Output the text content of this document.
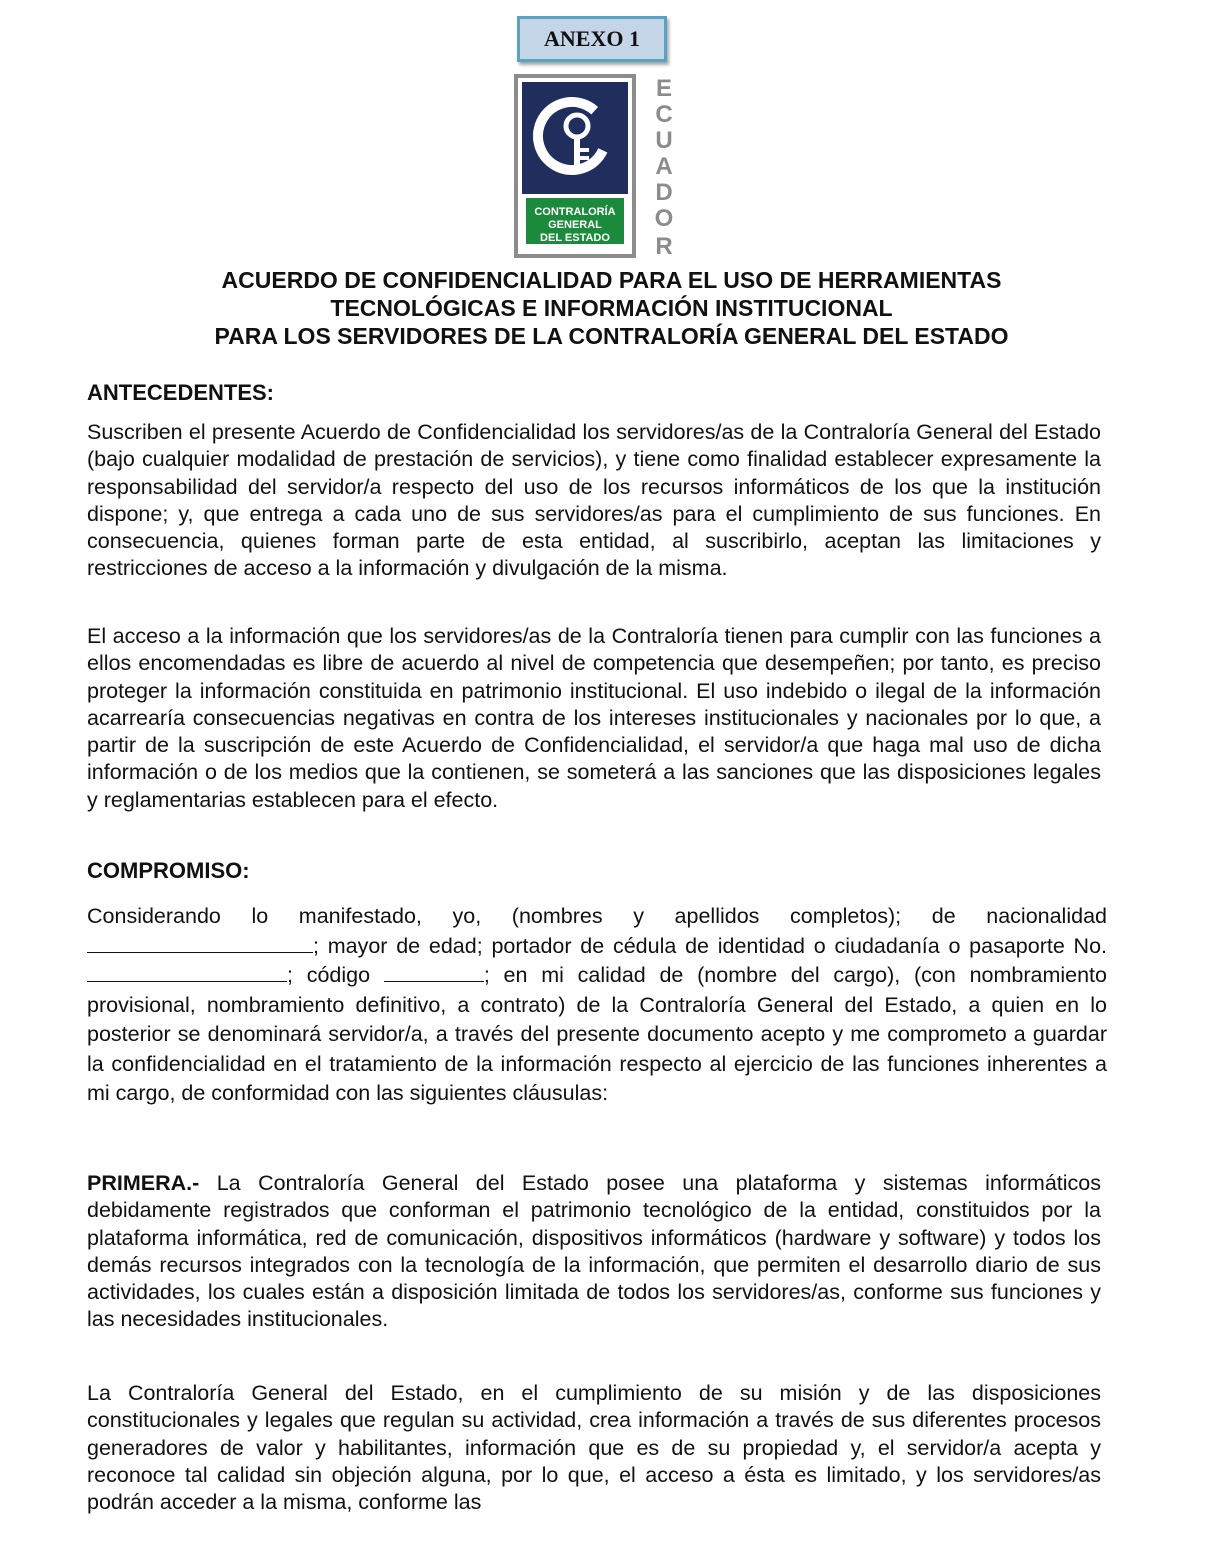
ANEXO 1
CONTRALORÍA
GENERAL
DEL ESTADO
E
C
U
A
D
O
R
ACUERDO DE CONFIDENCIALIDAD PARA EL USO DE HERRAMIENTAS
TECNOLÓGICAS E INFORMACIÓN INSTITUCIONAL
PARA LOS SERVIDORES DE LA CONTRALORÍA GENERAL DEL ESTADO
ANTECEDENTES:
Suscriben el presente Acuerdo de Confidencialidad los servidores/as de la Contraloría General del Estado (bajo cualquier modalidad de prestación de servicios), y tiene como finalidad establecer expresamente la responsabilidad del servidor/a respecto del uso de los recursos informáticos de los que la institución dispone; y, que entrega a cada uno de sus servidores/as para el cumplimiento de sus funciones. En consecuencia, quienes forman parte de esta entidad, al suscribirlo, aceptan las limitaciones y restricciones de acceso a la información y divulgación de la misma.
El acceso a la información que los servidores/as de la Contraloría tienen para cumplir con las funciones a ellos encomendadas es libre de acuerdo al nivel de competencia que desempeñen; por tanto, es preciso proteger la información constituida en patrimonio institucional. El uso indebido o ilegal de la información acarrearía consecuencias negativas en contra de los intereses institucionales y nacionales por lo que, a partir de la suscripción de este Acuerdo de Confidencialidad, el servidor/a que haga mal uso de dicha información o de los medios que la contienen, se someterá a las sanciones que las disposiciones legales y reglamentarias establecen para el efecto.
COMPROMISO:
Considerando lo manifestado, yo, (nombres y apellidos completos); de nacionalidad; mayor de edad; portador de cédula de identidad o ciudadanía o pasaporte No.; código	; en mi calidad de (nombre del cargo), (con nombramiento provisional, nombramiento definitivo, a contrato) de la Contraloría General del Estado, a quien en lo posterior se denominará servidor/a, a través del presente documento acepto y me comprometo a guardar la confidencialidad en el tratamiento de la información respecto al ejercicio de las funciones inherentes a mi cargo, de conformidad con las siguientes cláusulas:
PRIMERA.- La Contraloría General del Estado posee una plataforma y sistemas informáticos debidamente registrados que conforman el patrimonio tecnológico de la entidad, constituidos por la plataforma informática, red de comunicación, dispositivos informáticos (hardware y software) y todos los demás recursos integrados con la tecnología de la información, que permiten el desarrollo diario de sus actividades, los cuales están a disposición limitada de todos los servidores/as, conforme sus funciones y las necesidades institucionales.
La Contraloría General del Estado, en el cumplimiento de su misión y de las disposiciones constitucionales y legales que regulan su actividad, crea información a través de sus diferentes procesos generadores de valor y habilitantes, información que es de su propiedad y, el servidor/a acepta y reconoce tal calidad sin objeción alguna, por lo que, el acceso a ésta es limitado, y los servidores/as podrán acceder a la misma, conforme las
